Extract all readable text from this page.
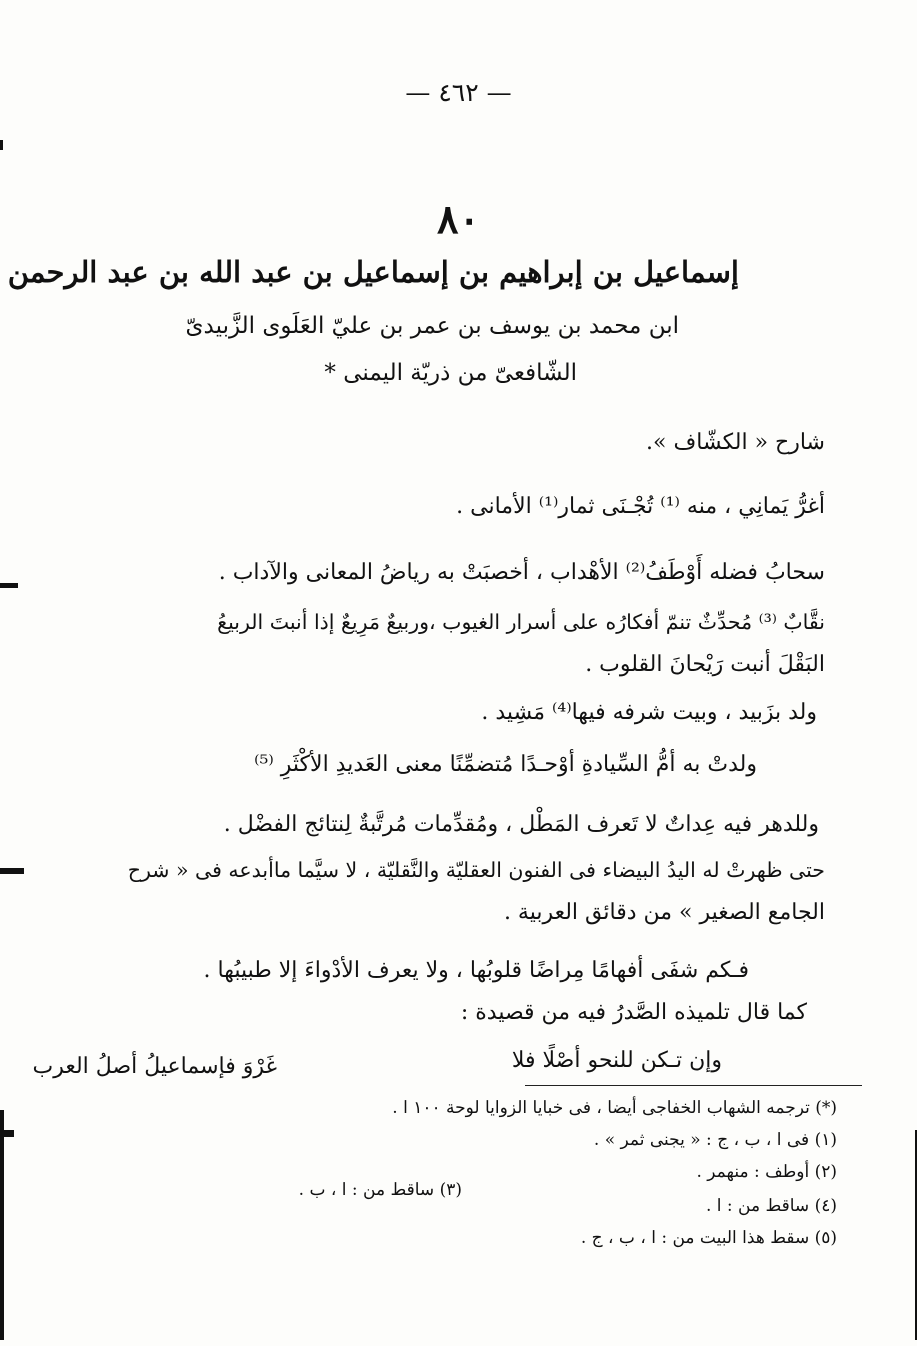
— ٤٦٢ —
٨٠
إسماعيل بن إبراهيم بن إسماعيل بن عبد الله بن عبد الرحمن
ابن محمد بن يوسف بن عمر بن عليّ العَلَوى الزَّبيدىّ
الشّافعىّ من ذريّة اليمنى *
شارح « الكشّاف ».
أغرُّ يَمانِي ، منه ⁽¹⁾ تُجْـنَى ثمار⁽¹⁾ الأمانى .
سحابُ فضله أَوْطَفُ⁽²⁾ الأهْداب ، أخصبَتْ به رياضُ المعانى والآداب .
نقَّابٌ ⁽³⁾ مُحدِّثٌ تنمّ أفكارُه على أسرار الغيوب ،وربيعٌ مَرِيعٌ إذا أنبتَ الربيعُ
البَقْلَ أنبت رَيْحانَ القلوب .
ولد بزَبيد ، وبيت شرفه فيها⁽⁴⁾ مَشِيد .
ولدتْ به أمُّ السِّيادةِ أوْحـدًا مُتضمِّنًا معنى العَديدِ الأكْثَرِ ⁽⁵⁾
وللدهر فيه عِداتٌ لا تَعرف المَطْل ، ومُقدِّمات مُرتَّبةٌ لِنتائج الفضْل .
حتى ظهرتْ له اليدُ البيضاء فى الفنون العقليّة والنَّقليّة ، لا سيَّما ماأبدعه فى « شرح
الجامع الصغير » من دقائق العربية .
فـكم شفَى أفهامًا مِراضًا قلوبُها ، ولا يعرف الأدْواءَ إلا طبيبُها .
كما قال تلميذه الصَّدرُ فيه من قصيدة :
وإن تـكن للنحو أصْلًا فلا
غَرْوَ فإسماعيلُ أصلُ العرب
(*) ترجمه الشهاب الخفاجى أيضا ، فى خبايا الزوايا لوحة ١٠٠ ا .
(١) فى ا ، ب ، ج : « يجنى ثمر » .
(٢) أوطف : منهمر .
(٣) ساقط من : ا ، ب .
(٤) ساقط من : ا .
(٥) سقط هذا البيت من : ا ، ب ، ج .
